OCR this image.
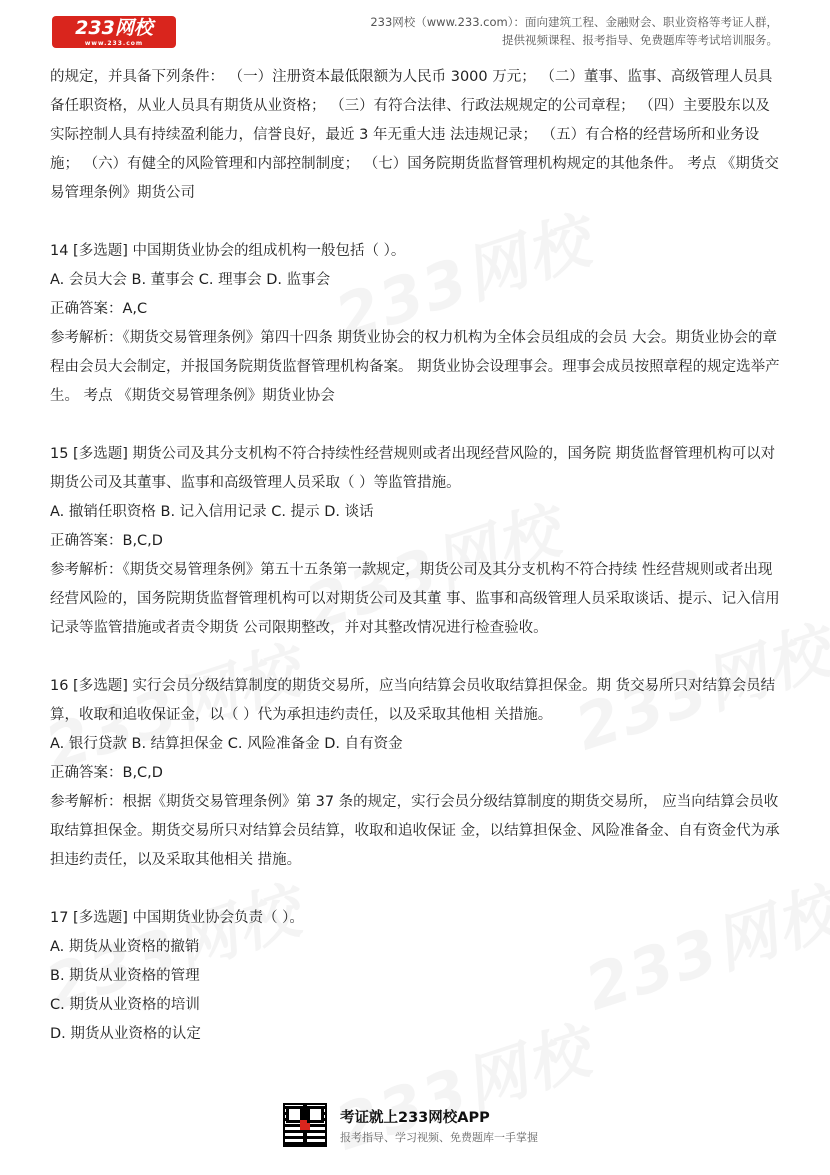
233网校
www.233.com
233网校（www.233.com）：面向建筑工程、金融财会、职业资格等考证人群，
提供视频课程、报考指导、免费题库等考试培训服务。

的规定，并具备下列条件： （一）注册资本最低限额为人民币 3000 万元； （二）董事、监事、高级管理人员具备任职资格，从业人员具有期货从业资格； （三）有符合法律、行政法规规定的公司章程； （四）主要股东以及实际控制人具有持续盈利能力，信誉良好，最近 3 年无重大违 法违规记录； （五）有合格的经营场所和业务设施； （六）有健全的风险管理和内部控制制度； （七）国务院期货监督管理机构规定的其他条件。 考点 《期货交易管理条例》期货公司

14 [多选题] 中国期货业协会的组成机构一般包括（ ）。

A. 会员大会 B. 董事会 C. 理事会 D. 监事会

正确答案：A,C

参考解析：《期货交易管理条例》第四十四条 期货业协会的权力机构为全体会员组成的会员 大会。期货业协会的章程由会员大会制定，并报国务院期货监督管理机构备案。 期货业协会设理事会。理事会成员按照章程的规定选举产生。 考点 《期货交易管理条例》期货业协会

15 [多选题] 期货公司及其分支机构不符合持续性经营规则或者出现经营风险的，国务院 期货监督管理机构可以对期货公司及其董事、监事和高级管理人员采取（ ）等监管措施。

A. 撤销任职资格 B. 记入信用记录 C. 提示 D. 谈话

正确答案：B,C,D

参考解析：《期货交易管理条例》第五十五条第一款规定，期货公司及其分支机构不符合持续 性经营规则或者出现经营风险的，国务院期货监督管理机构可以对期货公司及其董 事、监事和高级管理人员采取谈话、提示、记入信用记录等监管措施或者责令期货 公司限期整改，并对其整改情况进行检查验收。

16 [多选题] 实行会员分级结算制度的期货交易所，应当向结算会员收取结算担保金。期 货交易所只对结算会员结算，收取和追收保证金，以（ ）代为承担违约责任，以及采取其他相 关措施。

A. 银行贷款 B. 结算担保金 C. 风险准备金 D. 自有资金

正确答案：B,C,D

参考解析：根据《期货交易管理条例》第 37 条的规定，实行会员分级结算制度的期货交易所， 应当向结算会员收取结算担保金。期货交易所只对结算会员结算，收取和追收保证 金，以结算担保金、风险准备金、自有资金代为承担违约责任，以及采取其他相关 措施。

17 [多选题] 中国期货业协会负责（ ）。

A. 期货从业资格的撤销

B. 期货从业资格的管理

C. 期货从业资格的培训

D. 期货从业资格的认定

考证就上233网校APP
报考指导、学习视频、免费题库一手掌握
